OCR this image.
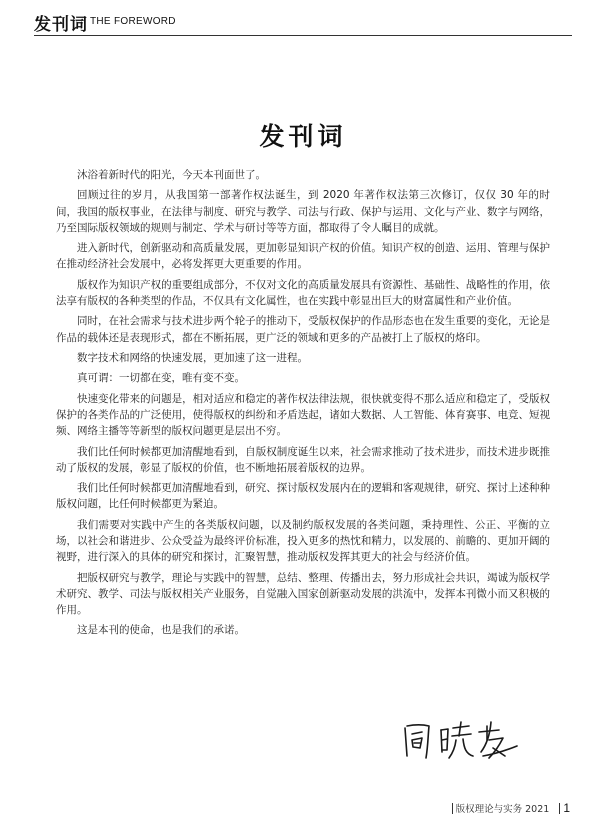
发刊词 THE FOREWORD
发刊词

沐浴着新时代的阳光，今天本刊面世了。

回顾过往的岁月，从我国第一部著作权法诞生，到 2020 年著作权法第三次修订，仅仅 30 年的时间，我国的版权事业，在法律与制度、研究与教学、司法与行政、保护与运用、文化与产业、数字与网络，乃至国际版权领域的规则与制定、学术与研讨等等方面，都取得了令人瞩目的成就。

进入新时代，创新驱动和高质量发展，更加彰显知识产权的价值。知识产权的创造、运用、管理与保护在推动经济社会发展中，必将发挥更大更重要的作用。

版权作为知识产权的重要组成部分，不仅对文化的高质量发展具有资源性、基础性、战略性的作用，依法享有版权的各种类型的作品，不仅具有文化属性，也在实践中彰显出巨大的财富属性和产业价值。

同时，在社会需求与技术进步两个轮子的推动下，受版权保护的作品形态也在发生重要的变化，无论是作品的载体还是表现形式，都在不断拓展，更广泛的领域和更多的产品被打上了版权的烙印。

数字技术和网络的快速发展，更加速了这一进程。

真可谓：一切都在变，唯有变不变。

快速变化带来的问题是，相对适应和稳定的著作权法律法规，很快就变得不那么适应和稳定了，受版权保护的各类作品的广泛使用，使得版权的纠纷和矛盾迭起，诸如大数据、人工智能、体育赛事、电竞、短视频、网络主播等等新型的版权问题更是层出不穷。

我们比任何时候都更加清醒地看到，自版权制度诞生以来，社会需求推动了技术进步，而技术进步既推动了版权的发展，彰显了版权的价值，也不断地拓展着版权的边界。

我们比任何时候都更加清醒地看到，研究、探讨版权发展内在的逻辑和客观规律，研究、探讨上述种种版权问题，比任何时候都更为紧迫。

我们需要对实践中产生的各类版权问题，以及制约版权发展的各类问题，秉持理性、公正、平衡的立场，以社会和谐进步、公众受益为最终评价标准，投入更多的热忱和精力，以发展的、前瞻的、更加开阔的视野，进行深入的具体的研究和探讨，汇聚智慧，推动版权发挥其更大的社会与经济价值。

把版权研究与教学，理论与实践中的智慧，总结、整理、传播出去，努力形成社会共识，竭诚为版权学术研究、教学、司法与版权相关产业服务，自觉融入国家创新驱动发展的洪流中，发挥本刊微小而又积极的作用。

这是本刊的使命，也是我们的承诺。

版权理论与实务 2021 1
